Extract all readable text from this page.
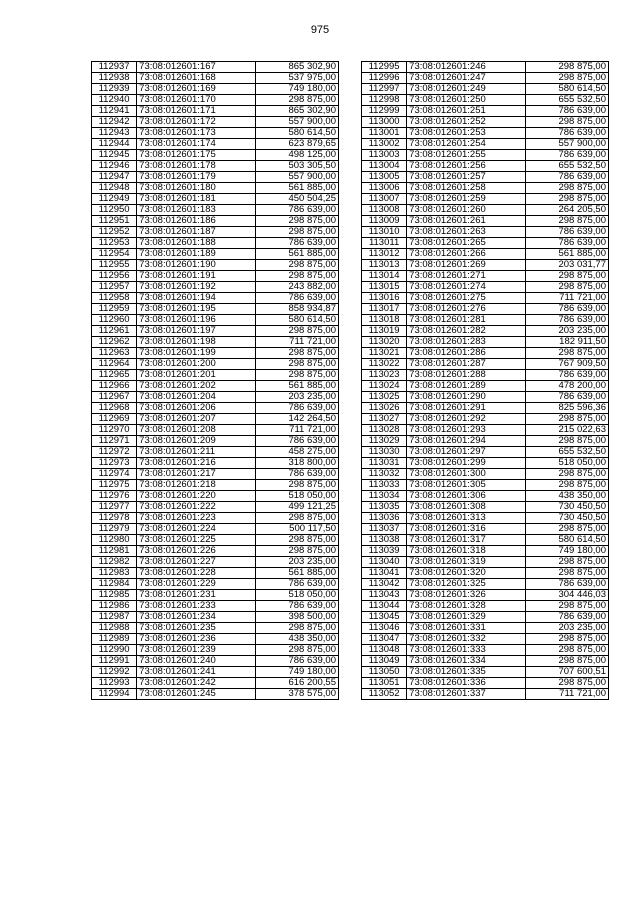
975
112937	73:08:012601:167	865 302,90
112938	73:08:012601:168	537 975,00
112939	73:08:012601:169	749 180,00
112940	73:08:012601:170	298 875,00
112941	73:08:012601:171	865 302,90
112942	73:08:012601:172	557 900,00
112943	73:08:012601:173	580 614,50
112944	73:08:012601:174	623 879,65
112945	73:08:012601:175	498 125,00
112946	73:08:012601:178	503 305,50
112947	73:08:012601:179	557 900,00
112948	73:08:012601:180	561 885,00
112949	73:08:012601:181	450 504,25
112950	73:08:012601:183	786 639,00
112951	73:08:012601:186	298 875,00
112952	73:08:012601:187	298 875,00
112953	73:08:012601:188	786 639,00
112954	73:08:012601:189	561 885,00
112955	73:08:012601:190	298 875,00
112956	73:08:012601:191	298 875,00
112957	73:08:012601:192	243 882,00
112958	73:08:012601:194	786 639,00
112959	73:08:012601:195	858 934,87
112960	73:08:012601:196	580 614,50
112961	73:08:012601:197	298 875,00
112962	73:08:012601:198	711 721,00
112963	73:08:012601:199	298 875,00
112964	73:08:012601:200	298 875,00
112965	73:08:012601:201	298 875,00
112966	73:08:012601:202	561 885,00
112967	73:08:012601:204	203 235,00
112968	73:08:012601:206	786 639,00
112969	73:08:012601:207	142 264,50
112970	73:08:012601:208	711 721,00
112971	73:08:012601:209	786 639,00
112972	73:08:012601:211	458 275,00
112973	73:08:012601:216	318 800,00
112974	73:08:012601:217	786 639,00
112975	73:08:012601:218	298 875,00
112976	73:08:012601:220	518 050,00
112977	73:08:012601:222	499 121,25
112978	73:08:012601:223	298 875,00
112979	73:08:012601:224	500 117,50
112980	73:08:012601:225	298 875,00
112981	73:08:012601:226	298 875,00
112982	73:08:012601:227	203 235,00
112983	73:08:012601:228	561 885,00
112984	73:08:012601:229	786 639,00
112985	73:08:012601:231	518 050,00
112986	73:08:012601:233	786 639,00
112987	73:08:012601:234	398 500,00
112988	73:08:012601:235	298 875,00
112989	73:08:012601:236	438 350,00
112990	73:08:012601:239	298 875,00
112991	73:08:012601:240	786 639,00
112992	73:08:012601:241	749 180,00
112993	73:08:012601:242	616 200,55
112994	73:08:012601:245	378 575,00
112995	73:08:012601:246	298 875,00
112996	73:08:012601:247	298 875,00
112997	73:08:012601:249	580 614,50
112998	73:08:012601:250	655 532,50
112999	73:08:012601:251	786 639,00
113000	73:08:012601:252	298 875,00
113001	73:08:012601:253	786 639,00
113002	73:08:012601:254	557 900,00
113003	73:08:012601:255	786 639,00
113004	73:08:012601:256	655 532,50
113005	73:08:012601:257	786 639,00
113006	73:08:012601:258	298 875,00
113007	73:08:012601:259	298 875,00
113008	73:08:012601:260	264 205,50
113009	73:08:012601:261	298 875,00
113010	73:08:012601:263	786 639,00
113011	73:08:012601:265	786 639,00
113012	73:08:012601:266	561 885,00
113013	73:08:012601:269	203 031,77
113014	73:08:012601:271	298 875,00
113015	73:08:012601:274	298 875,00
113016	73:08:012601:275	711 721,00
113017	73:08:012601:276	786 639,00
113018	73:08:012601:281	786 639,00
113019	73:08:012601:282	203 235,00
113020	73:08:012601:283	182 911,50
113021	73:08:012601:286	298 875,00
113022	73:08:012601:287	767 909,50
113023	73:08:012601:288	786 639,00
113024	73:08:012601:289	478 200,00
113025	73:08:012601:290	786 639,00
113026	73:08:012601:291	825 596,36
113027	73:08:012601:292	298 875,00
113028	73:08:012601:293	215 022,63
113029	73:08:012601:294	298 875,00
113030	73:08:012601:297	655 532,50
113031	73:08:012601:299	518 050,00
113032	73:08:012601:300	298 875,00
113033	73:08:012601:305	298 875,00
113034	73:08:012601:306	438 350,00
113035	73:08:012601:308	730 450,50
113036	73:08:012601:313	730 450,50
113037	73:08:012601:316	298 875,00
113038	73:08:012601:317	580 614,50
113039	73:08:012601:318	749 180,00
113040	73:08:012601:319	298 875,00
113041	73:08:012601:320	298 875,00
113042	73:08:012601:325	786 639,00
113043	73:08:012601:326	304 446,03
113044	73:08:012601:328	298 875,00
113045	73:08:012601:329	786 639,00
113046	73:08:012601:331	203 235,00
113047	73:08:012601:332	298 875,00
113048	73:08:012601:333	298 875,00
113049	73:08:012601:334	298 875,00
113050	73:08:012601:335	707 600,51
113051	73:08:012601:336	298 875,00
113052	73:08:012601:337	711 721,00
